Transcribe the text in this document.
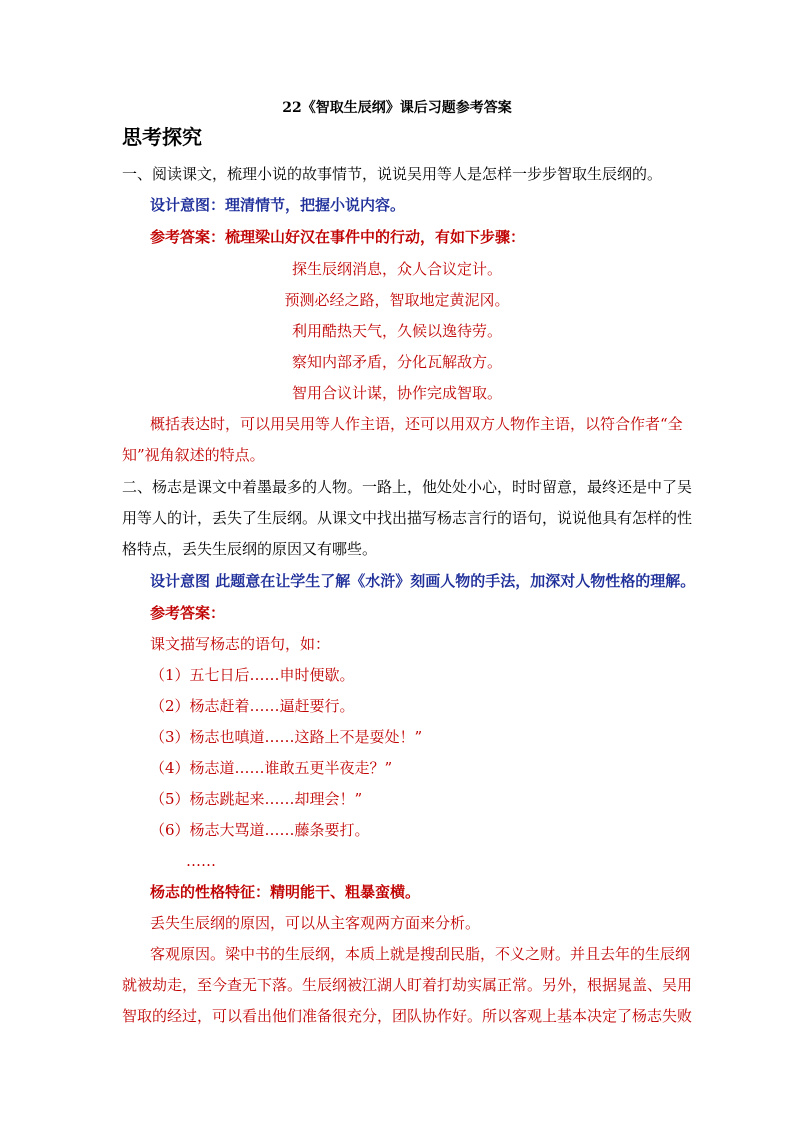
22《智取生辰纲》课后习题参考答案
思考探究
一、阅读课文，梳理小说的故事情节，说说吴用等人是怎样一步步智取生辰纲的。
设计意图：理清情节，把握小说内容。
参考答案：梳理梁山好汉在事件中的行动，有如下步骤：
探生辰纲消息，众人合议定计。
预测必经之路，智取地定黄泥冈。
利用酷热天气，久候以逸待劳。
察知内部矛盾，分化瓦解敌方。
智用合议计谋，协作完成智取。
概括表达时，可以用吴用等人作主语，还可以用双方人物作主语，以符合作者“全
知”视角叙述的特点。
二、杨志是课文中着墨最多的人物。一路上，他处处小心，时时留意，最终还是中了吴
用等人的计，丢失了生辰纲。从课文中找出描写杨志言行的语句，说说他具有怎样的性
格特点，丢失生辰纲的原因又有哪些。
设计意图 此题意在让学生了解《水浒》刻画人物的手法，加深对人物性格的理解。
参考答案：
课文描写杨志的语句，如：
（1）五七日后……申时便歇。
（2）杨志赶着……逼赶要行。
（3）杨志也嗔道……这路上不是耍处！”
（4）杨志道……谁敢五更半夜走？”
（5）杨志跳起来……却理会！”
（6）杨志大骂道……藤条要打。
……
杨志的性格特征：精明能干、粗暴蛮横。
丢失生辰纲的原因，可以从主客观两方面来分析。
客观原因。梁中书的生辰纲，本质上就是搜刮民脂，不义之财。并且去年的生辰纲
就被劫走，至今查无下落。生辰纲被江湖人盯着打劫实属正常。另外，根据晁盖、吴用
智取的经过，可以看出他们准备很充分，团队协作好。所以客观上基本决定了杨志失败
